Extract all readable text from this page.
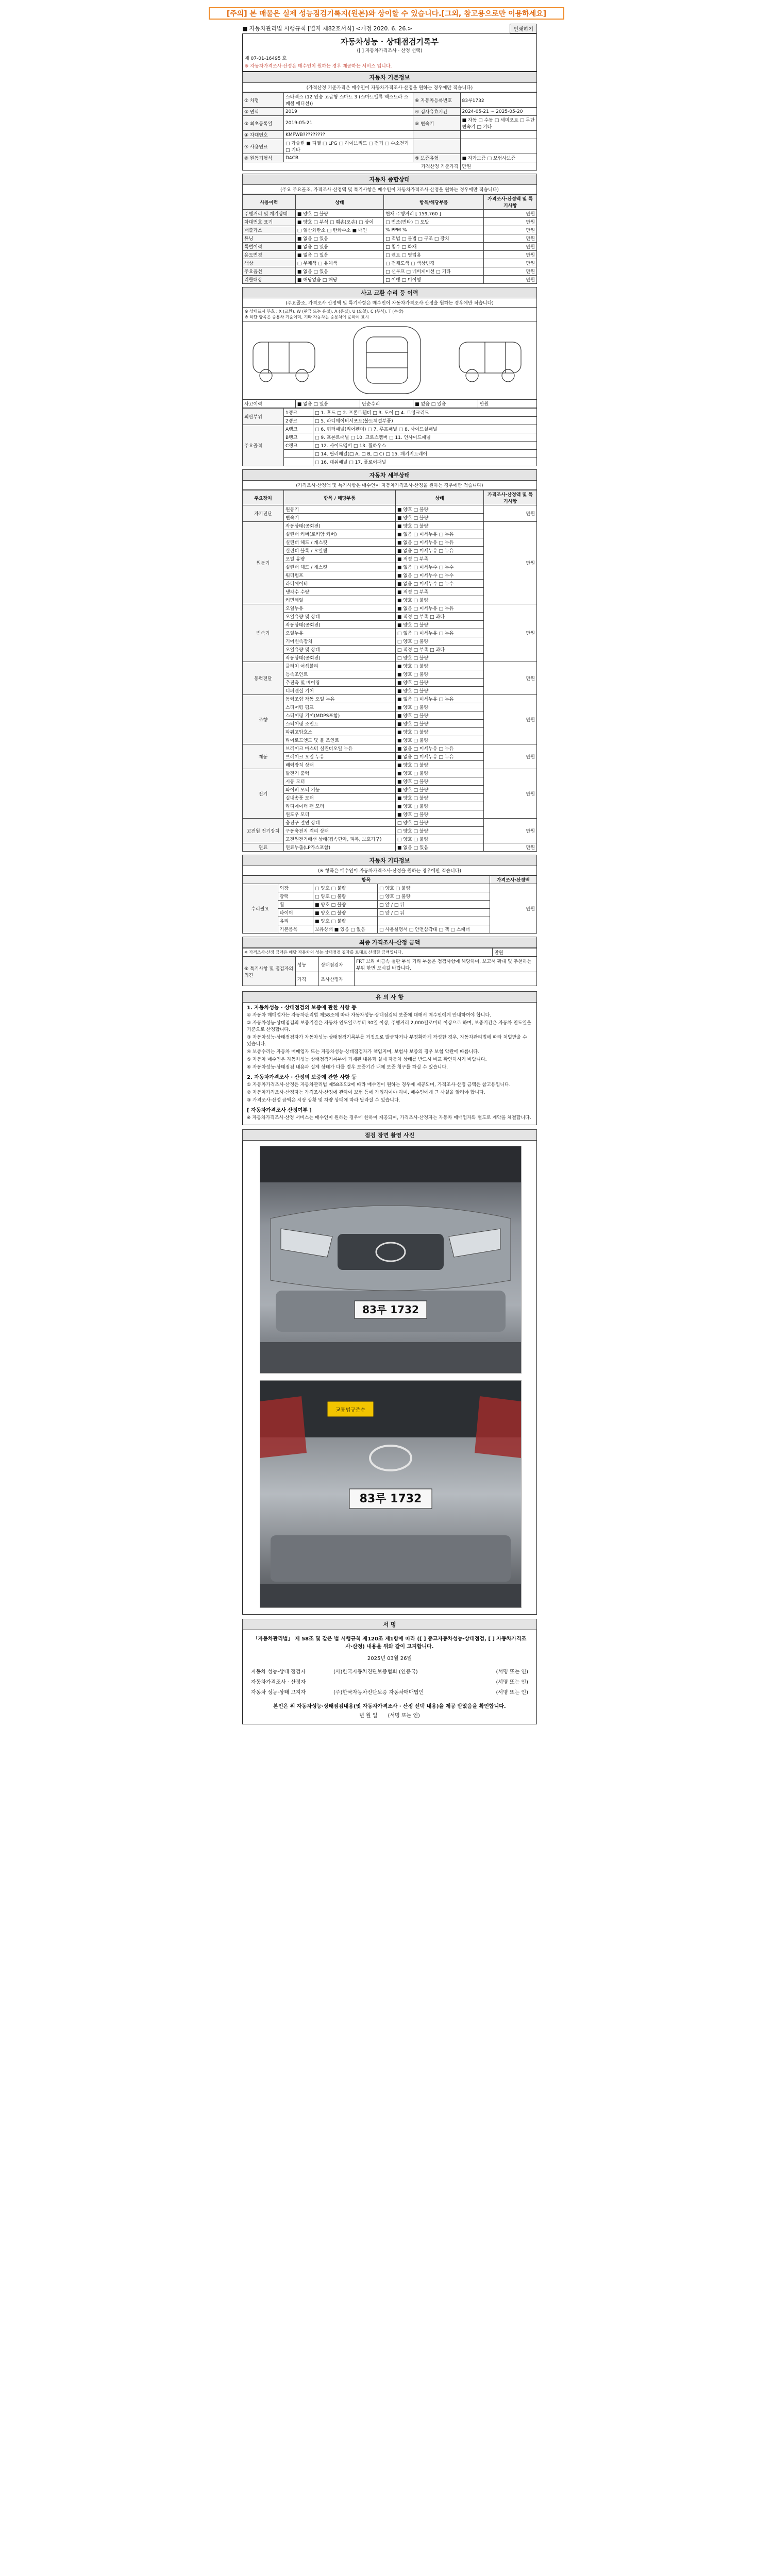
[주의] 본 매물은 실제 성능점검기록지(원본)와 상이할 수 있습니다.[그외, 참고용으로만 이용하세요]
■ 자동차관리법 시행규칙 [별지 제82호서식] <개정 2020. 6. 26.>	인쇄하기
자동차성능 · 상태점검기록부
([ ] 자동차가격조사 · 산정 선택)
제 07-01-16495 호
※ 자동차가격조사·산정은 매수인이 원하는 경우 제공하는 서비스 입니다.
자동차 기본정보
(가격산정 기준가격은 매수인이 자동차가격조사·산정을 원하는 경우에만 적습니다)
① 차명	스타렉스 (12 인승 고급형 스마트 3 (스마트밸류 엑스트라 스페셜 에디션))	⑥ 자동차등록번호	83루1732
② 연식	2019	④ 검사유효기간	2024-05-21 ~ 2025-05-20
③ 최초등록일	2019-05-21	⑤ 변속기	■ 자동 □ 수동 □ 세미오토 □ 무단변속기 □ 기타
④ 차대번호	KMFWB?????????		
⑦ 사용연료	□ 가솔린 ■ 디젤 □ LPG □ 하이브리드 □ 전기 □ 수소전기 □ 기타		
⑧ 원동기형식	D4CB	⑨ 보증유형	■ 자가보증 □ 보험사보증
가격산정 기준가격			만원
자동차 종합상태
(주요 주요골조, 가격조사·산정액 및 특기사항은 매수인이 자동차가격조사·산정을 원하는 경우에만 적습니다)
사용이력	상태	항목/해당부품	가격조사·산정액 및 특기사항
주행거리 및 계기상태	■ 양호 □ 불량	현재 주행거리 [ 159,760 ]	만원
차대번호 표기	■ 양호 □ 부식 □ 훼손(오손) □ 상이	□ 변조(변타) □ 도말	만원
배출가스	□ 일산화탄소 □ 탄화수소 ■ 매연	% PPM %	만원
튜닝	■ 없음 □ 있음	□ 적법 □ 불법 □ 구조 □ 장치	만원
특별이력	■ 없음 □ 있음	□ 침수 □ 화재	만원
용도변경	■ 없음 □ 있음	□ 렌트 □ 영업용	만원
색상	□ 무채색 □ 유채색	□ 전체도색 □ 색상변경	만원
주요옵션	■ 없음 □ 있음	□ 선루프 □ 네비게이션 □ 기타	만원
리콜대상	■ 해당없음 □ 해당	□ 이행 □ 미이행	만원
사고 교환 수리 등 이력
(주요골조, 가격조사·산정액 및 특기사항은 매수인이 자동차가격조사·산정을 원하는 경우에만 적습니다)
※ 상태표시 부호 : X (교환), W (판금 또는 용접), A (흠집), U (요철), C (부식), T (손상)
※ 하단 항목은 승용차 기준이며, 기타 자동차는 승용차에 준하여 표시
사고이력	■ 없음 □ 있음	단순수리	■ 없음 □ 있음	만원
외판부위	1랭크	□ 1. 후드 □ 2. 프론트휀더 □ 3. 도어 □ 4. 트렁크리드
	2랭크	□ 5. 라디에이터서포트(볼트체결부품)
주요골격	A랭크	□ 6. 쿼터패널(리어펜더) □ 7. 루프패널 □ 8. 사이드실패널
	B랭크	□ 9. 프론트패널 □ 10. 크로스멤버 □ 11. 인사이드패널
	C랭크	□ 12. 사이드멤버 □ 13. 휠하우스
		□ 14. 필러패널(□ A, □ B, □ C) □ 15. 패키지트레이
		□ 16. 대쉬패널 □ 17. 플로어패널
자동차 세부상태
(가격조사·산정액 및 특기사항은 매수인이 자동차가격조사·산정을 원하는 경우에만 적습니다)
주요장치	항목 / 해당부품	상태	가격조사·산정액 및 특기사항
자기진단	원동기	■ 양호 □ 불량	만원
	변속기	■ 양호 □ 불량	
원동기	작동상태(공회전)	■ 양호 □ 불량	만원
	실린더 커버(로커암 커버)	■ 없음 □ 미세누유 □ 누유	
	실린더 헤드 / 개스킷	■ 없음 □ 미세누유 □ 누유	
	실린더 블록 / 오일팬	■ 없음 □ 미세누유 □ 누유	
	오일 유량	■ 적정 □ 부족	
	실린더 헤드 / 개스킷	■ 없음 □ 미세누수 □ 누수	
	워터펌프	■ 없음 □ 미세누수 □ 누수	
	라디에이터	■ 없음 □ 미세누수 □ 누수	
	냉각수 수량	■ 적정 □ 부족	
	커먼레일	■ 양호 □ 불량	
변속기	오일누유	■ 없음 □ 미세누유 □ 누유	만원
	오일유량 및 상태	■ 적정 □ 부족 □ 과다	
	작동상태(공회전)	■ 양호 □ 불량	
	오일누유	□ 없음 □ 미세누유 □ 누유	
	기어변속장치	□ 양호 □ 불량	
	오일유량 및 상태	□ 적정 □ 부족 □ 과다	
	작동상태(공회전)	□ 양호 □ 불량	
동력전달	클러치 어셈블리	■ 양호 □ 불량	만원
	등속조인트	■ 양호 □ 불량	
	추진축 및 베어링	■ 양호 □ 불량	
	디퍼렌셜 기어	■ 양호 □ 불량	
조향	동력조향 작동 오일 누유	■ 없음 □ 미세누유 □ 누유	만원
	스티어링 펌프	■ 양호 □ 불량	
	스티어링 기어(MDPS포함)	■ 양호 □ 불량	
	스티어링 조인트	■ 양호 □ 불량	
	파워고압호스	■ 양호 □ 불량	
	타이로드엔드 및 볼 조인트	■ 양호 □ 불량	
제동	브레이크 마스터 실린더오일 누유	■ 없음 □ 미세누유 □ 누유	만원
	브레이크 오일 누유	■ 없음 □ 미세누유 □ 누유	
	배력장치 상태	■ 양호 □ 불량	
전기	발전기 출력	■ 양호 □ 불량	만원
	시동 모터	■ 양호 □ 불량	
	와이퍼 모터 기능	■ 양호 □ 불량	
	실내송풍 모터	■ 양호 □ 불량	
	라디에이터 팬 모터	■ 양호 □ 불량	
	윈도우 모터	■ 양호 □ 불량	
고전원 전기장치	충전구 절연 상태	□ 양호 □ 불량	만원
	구동축전지 격리 상태	□ 양호 □ 불량	
	고전원전기배선 상태(접속단자, 피복, 보호기구)	□ 양호 □ 불량	
연료	연료누출(LP가스포함)	■ 없음 □ 있음	만원
자동차 기타정보
(※ 항목은 매수인이 자동차가격조사·산정을 원하는 경우에만 적습니다)
항목				가격조사·산정액
수리필요	외장	□ 양호 □ 불량	□ 양호 □ 불량	만원
	광택	□ 양호 □ 불량	□ 양호 □ 불량	
	휠	■ 양호 □ 불량	□ 앞 / □ 뒤	
	타이어	■ 양호 □ 불량	□ 앞 / □ 뒤	
	유리	■ 양호 □ 불량		
	기본품목	보유상태 ■ 있음 □ 없음	□ 사용설명서 □ 안전삼각대 □ 잭 □ 스패너	
최종 가격조사·산정 금액
※ 가격조사·산정 금액은 해당 자동차의 성능·상태점검 결과를 토대로 산정한 금액입니다.	만원
⑧ 특기사항 및 점검자의 의견	성능	상태점검자	FRT 브리 비금속 철판 부식 기타 부품은 점검사항에 해당하며, 보고서 확대 및 추천하는 부위 한번 보시길 바랍니다.
	가격	조사산정자	
유 의 사 항
1. 자동차성능 · 상태점검의 보증에 관한 사항 등

① 자동차 매매업자는 자동차관리법 제58조에 따라 자동차성능·상태점검의 보증에 대해서 매수인에게 안내하여야 합니다.

② 자동차성능·상태점검의 보증기간은 자동차 인도일로부터 30일 이상, 주행거리 2,000킬로미터 이상으로 하며, 보증기간은 자동차 인도일을 기준으로 산정합니다.

③ 자동차성능·상태점검자가 자동차성능·상태점검기록부를 거짓으로 발급하거나 부정확하게 작성한 경우, 자동차관리법에 따라 처벌받을 수 있습니다.

④ 보증수리는 자동차 매매업자 또는 자동차성능·상태점검자가 책임지며, 보험사 보증의 경우 보험 약관에 따릅니다.

⑤ 자동차 매수인은 자동차성능·상태점검기록부에 기재된 내용과 실제 자동차 상태를 반드시 비교 확인하시기 바랍니다.

⑥ 자동차성능·상태점검 내용과 실제 상태가 다를 경우 보증기간 내에 보증 청구를 하실 수 있습니다.

2. 자동차가격조사 · 산정의 보증에 관한 사항 등

① 자동차가격조사·산정은 자동차관리법 제58조의2에 따라 매수인이 원하는 경우에 제공되며, 가격조사·산정 금액은 참고용입니다.

② 자동차가격조사·산정자는 가격조사·산정에 관하여 보험 등에 가입하여야 하며, 매수인에게 그 사실을 알려야 합니다.

③ 가격조사·산정 금액은 시장 상황 및 차량 상태에 따라 달라질 수 있습니다.

[ 자동차가격조사 산정여부 ]

※ 자동차가격조사·산정 서비스는 매수인이 원하는 경우에 한하여 제공되며, 가격조사·산정자는 자동차 매매업자와 별도로 계약을 체결합니다.

점검 장면 촬영 사진
83루 1732
교통법규준수
83루 1732
서 명
「자동차관리법」 제 58조 및 같은 법 시행규칙 제120조 제1항에 따라 ([ ] 중고자동차성능·상태점검, [ ] 자동차가격조사·산정) 내용을 위와 같이 고지합니다.
2025년 03월 26일
자동차 성능·상태 점검자	(사)한국자동차진단보증협회 (인증국)	(서명 또는 인)
자동차가격조사 · 산정자	(서명 또는 인)
자동차 성능·상태 고지자	(주)한국자동차진단보증 자동차매매법인	(서명 또는 인)
본인은 위 자동차성능·상태점검내용(및 자동차가격조사 · 산정 선택 내용)을 제공 받았음을 확인합니다.
년 월 일 (서명 또는 인)
